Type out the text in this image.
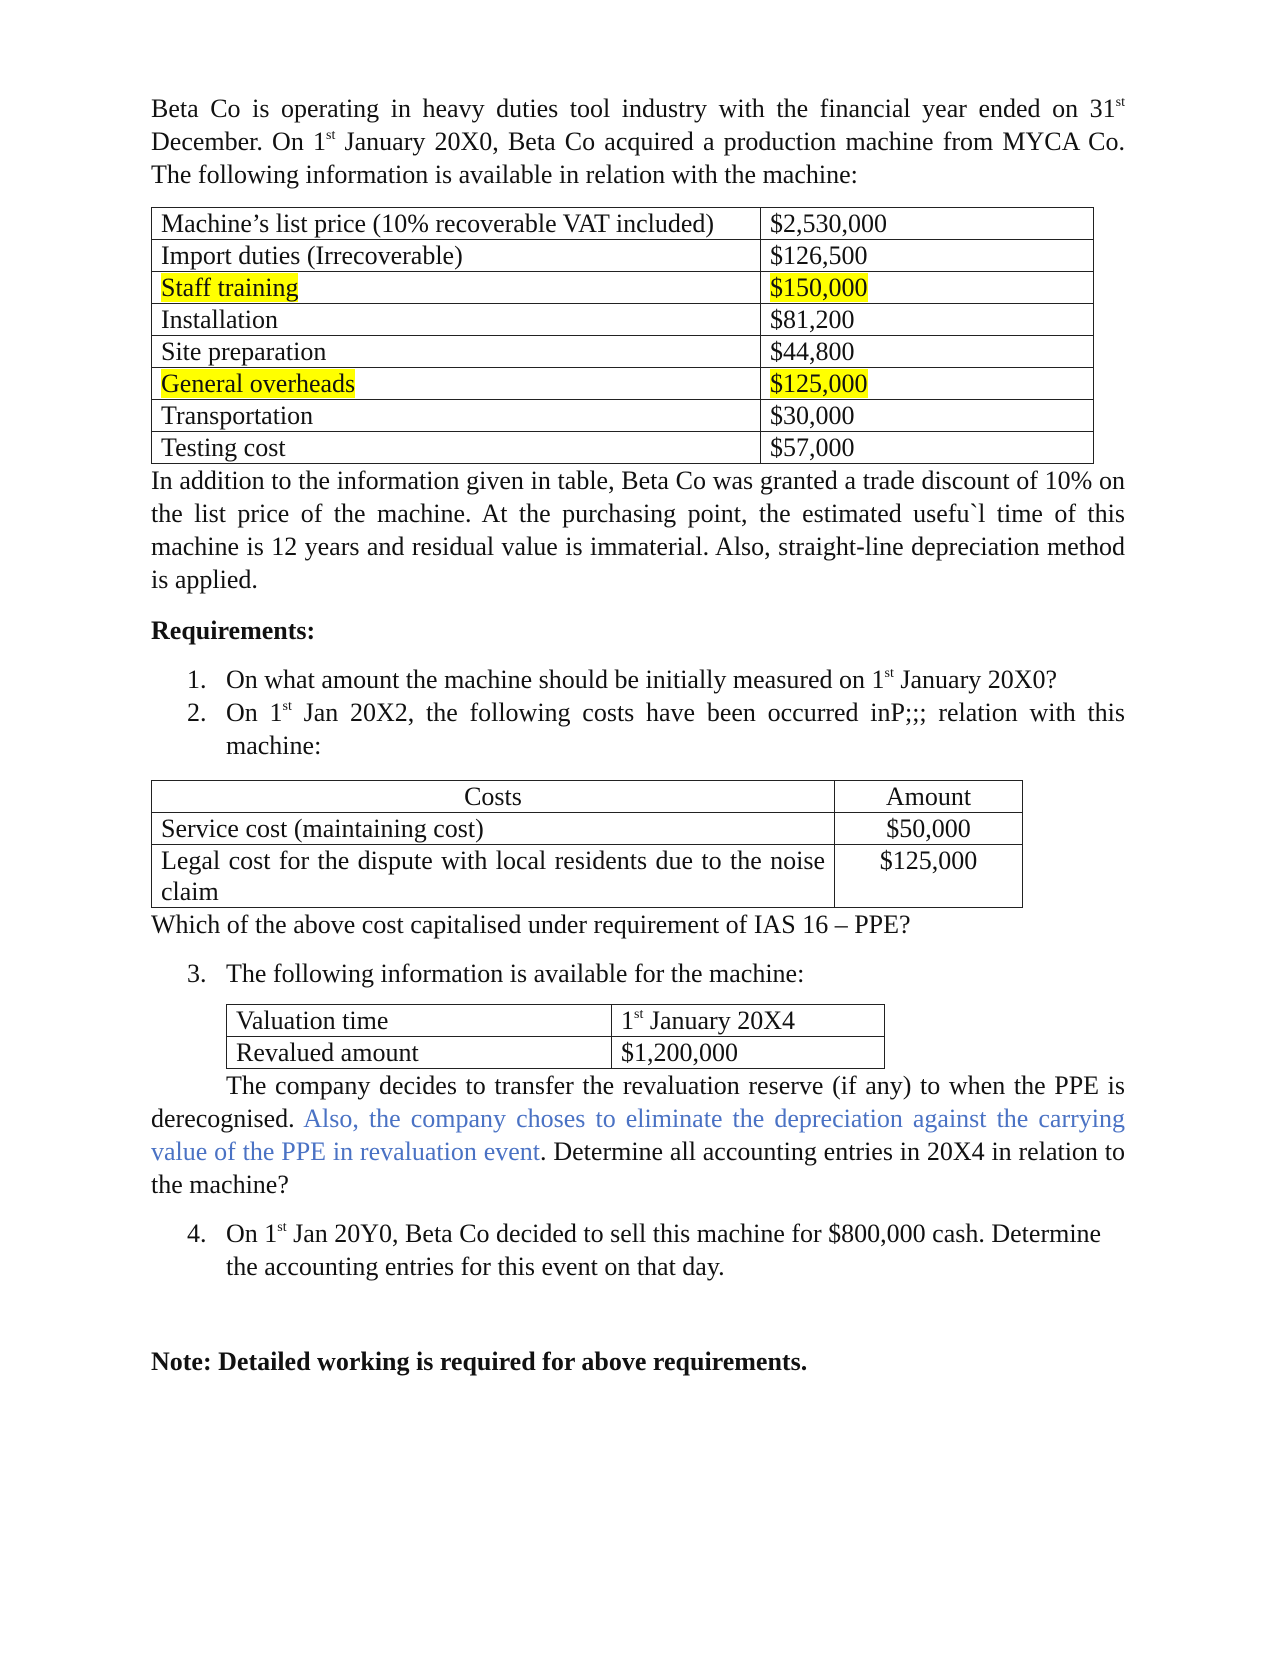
Beta Co is operating in heavy duties tool industry with the financial year ended on 31st December. On 1st January 20X0, Beta Co acquired a production machine from MYCA Co. The following information is available in relation with the machine:

Machine’s list price (10% recoverable VAT included)	$2,530,000
Import duties (Irrecoverable)	$126,500
Staff training	$150,000
Installation	$81,200
Site preparation	$44,800
General overheads	$125,000
Transportation	$30,000
Testing cost	$57,000

In addition to the information given in table, Beta Co was granted a trade discount of 10% on the list price of the machine. At the purchasing point, the estimated usefu`l time of this machine is 12 years and residual value is immaterial. Also, straight-line depreciation method is applied.

Requirements:

1. On what amount the machine should be initially measured on 1st January 20X0?
2. On 1st Jan 20X2, the following costs have been occurred inP;;; relation with this machine:
Costs	Amount
Service cost (maintaining cost)	$50,000
Legal cost for the dispute with local residents due to the noise claim	$125,000

Which of the above cost capitalised under requirement of IAS 16 – PPE?

3. The following information is available for the machine:
Valuation time	1st January 20X4
Revalued amount	$1,200,000

The company decides to transfer the revaluation reserve (if any) to when the PPE is derecognised. Also, the company choses to eliminate the depreciation against the carrying value of the PPE in revaluation event. Determine all accounting entries in 20X4 in relation to the machine?

4. On 1st Jan 20Y0, Beta Co decided to sell this machine for $800,000 cash. Determine the accounting entries for this event on that day.

Note: Detailed working is required for above requirements.
